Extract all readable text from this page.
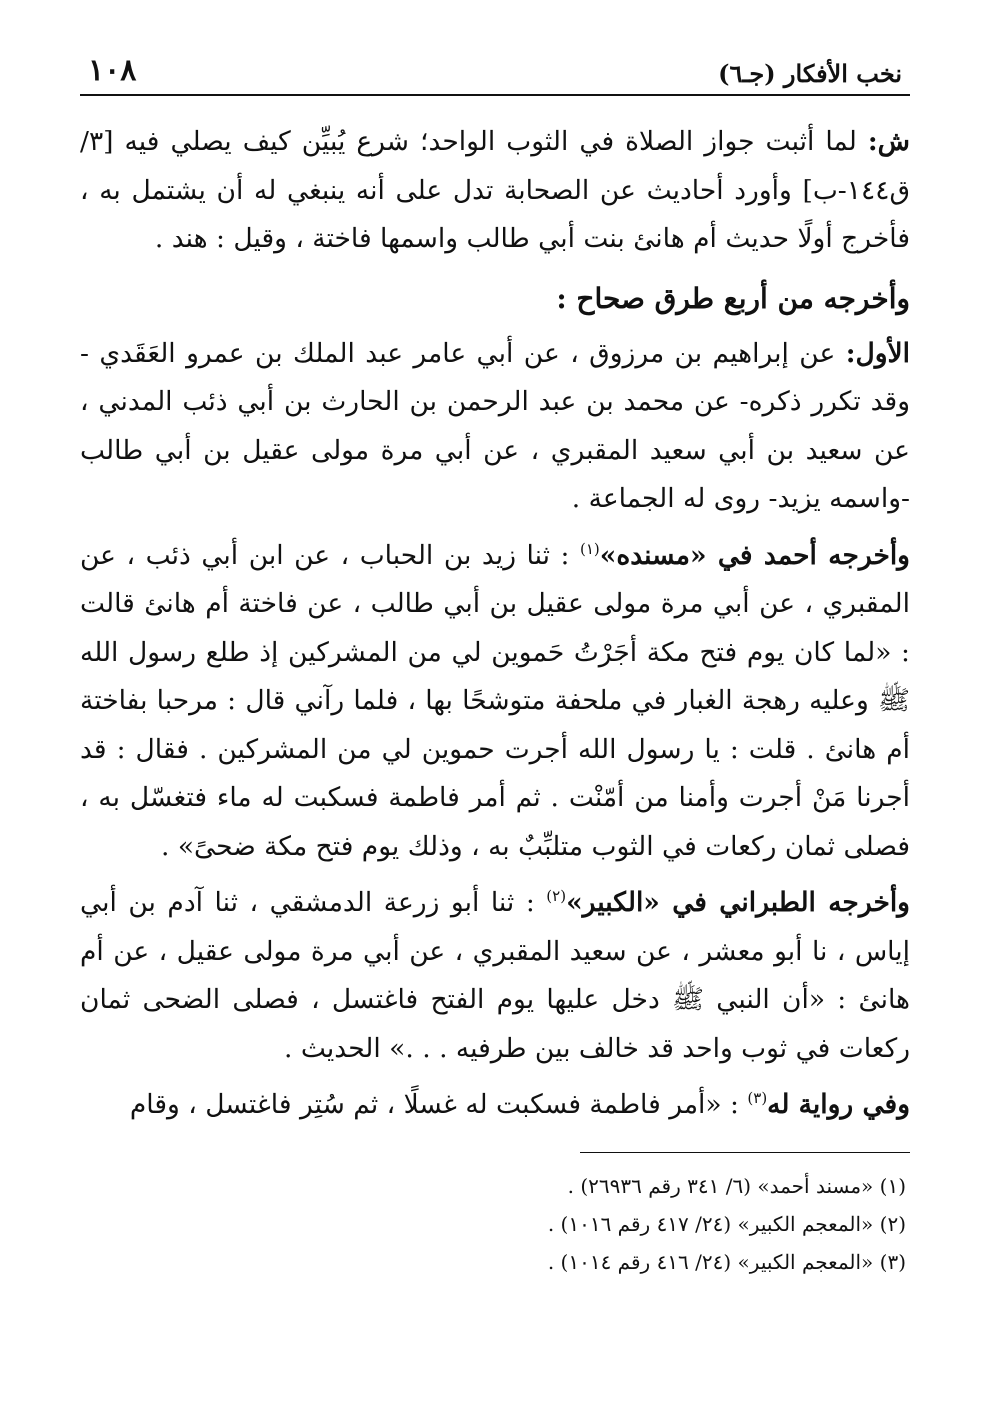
نخب الأفكار (جـ٦)
١٠٨

ش: لما أثبت جواز الصلاة في الثوب الواحد؛ شرع يُبيِّن كيف يصلي فيه [٣/ق١٤٤-ب] وأورد أحاديث عن الصحابة تدل على أنه ينبغي له أن يشتمل به ، فأخرج أولًا حديث أم هانئ بنت أبي طالب واسمها فاختة ، وقيل : هند .

وأخرجه من أربع طرق صحاح :

الأول: عن إبراهيم بن مرزوق ، عن أبي عامر عبد الملك بن عمرو العَقَدي - وقد تكرر ذكره- عن محمد بن عبد الرحمن بن الحارث بن أبي ذئب المدني ، عن سعيد بن أبي سعيد المقبري ، عن أبي مرة مولى عقيل بن أبي طالب -واسمه يزيد- روى له الجماعة .

وأخرجه أحمد في «مسنده»$^{(١)}$ : ثنا زيد بن الحباب ، عن ابن أبي ذئب ، عن المقبري ، عن أبي مرة مولى عقيل بن أبي طالب ، عن فاختة أم هانئ قالت : «لما كان يوم فتح مكة أجَرْتُ حَموين لي من المشركين إذ طلع رسول الله ﷺ وعليه رهجة الغبار في ملحفة متوشحًا بها ، فلما رآني قال : مرحبا بفاختة أم هانئ . قلت : يا رسول الله أجرت حموين لي من المشركين . فقال : قد أجرنا مَنْ أجرت وأمنا من أمّنْت . ثم أمر فاطمة فسكبت له ماء فتغسّل به ، فصلى ثمان ركعات في الثوب متلبِّبٌ به ، وذلك يوم فتح مكة ضحىً» .

وأخرجه الطبراني في «الكبير»$^{(٢)}$ : ثنا أبو زرعة الدمشقي ، ثنا آدم بن أبي إياس ، نا أبو معشر ، عن سعيد المقبري ، عن أبي مرة مولى عقيل ، عن أم هانئ : «أن النبي ﷺ دخل عليها يوم الفتح فاغتسل ، فصلى الضحى ثمان ركعات في ثوب واحد قد خالف بين طرفيه . . .» الحديث .

وفي رواية له$^{(٣)}$ : «أمر فاطمة فسكبت له غسلًا ، ثم سُتِر فاغتسل ، وقام

(١) «مسند أحمد» (٦/ ٣٤١ رقم ٢٦٩٣٦) .
(٢) «المعجم الكبير» (٢٤/ ٤١٧ رقم ١٠١٦) .
(٣) «المعجم الكبير» (٢٤/ ٤١٦ رقم ١٠١٤) .
